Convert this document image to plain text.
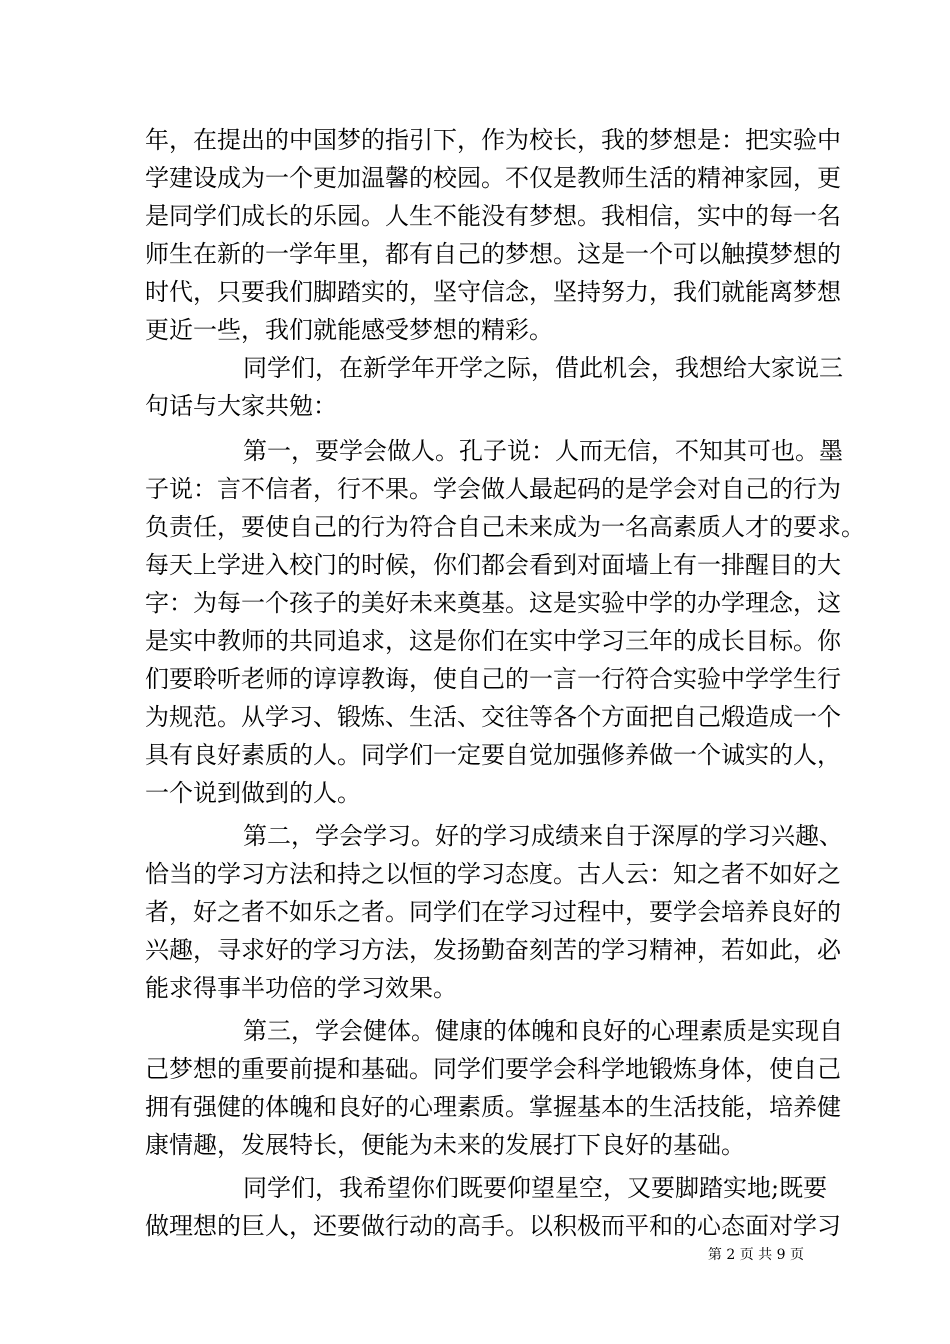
年，在提出的中国梦的指引下，作为校长，我的梦想是：把实验中
学建设成为一个更加温馨的校园。不仅是教师生活的精神家园，更
是同学们成长的乐园。人生不能没有梦想。我相信，实中的每一名
师生在新的一学年里，都有自己的梦想。这是一个可以触摸梦想的
时代，只要我们脚踏实的，坚守信念，坚持努力，我们就能离梦想
更近一些，我们就能感受梦想的精彩。
同学们，在新学年开学之际，借此机会，我想给大家说三
句话与大家共勉：
第一，要学会做人。孔子说：人而无信，不知其可也。墨
子说：言不信者，行不果。学会做人最起码的是学会对自己的行为
负责任，要使自己的行为符合自己未来成为一名高素质人才的要求。
每天上学进入校门的时候，你们都会看到对面墙上有一排醒目的大
字：为每一个孩子的美好未来奠基。这是实验中学的办学理念，这
是实中教师的共同追求，这是你们在实中学习三年的成长目标。你
们要聆听老师的谆谆教诲，使自己的一言一行符合实验中学学生行
为规范。从学习、锻炼、生活、交往等各个方面把自己煅造成一个
具有良好素质的人。同学们一定要自觉加强修养做一个诚实的人，
一个说到做到的人。
第二，学会学习。好的学习成绩来自于深厚的学习兴趣、
恰当的学习方法和持之以恒的学习态度。古人云：知之者不如好之
者，好之者不如乐之者。同学们在学习过程中，要学会培养良好的
兴趣，寻求好的学习方法，发扬勤奋刻苦的学习精神，若如此，必
能求得事半功倍的学习效果。
第三，学会健体。健康的体魄和良好的心理素质是实现自
己梦想的重要前提和基础。同学们要学会科学地锻炼身体，使自己
拥有强健的体魄和良好的心理素质。掌握基本的生活技能，培养健
康情趣，发展特长，便能为未来的发展打下良好的基础。
同学们，我希望你们既要仰望星空，又要脚踏实地;既要
做理想的巨人，还要做行动的高手。以积极而平和的心态面对学习
第 2 页 共 9 页
